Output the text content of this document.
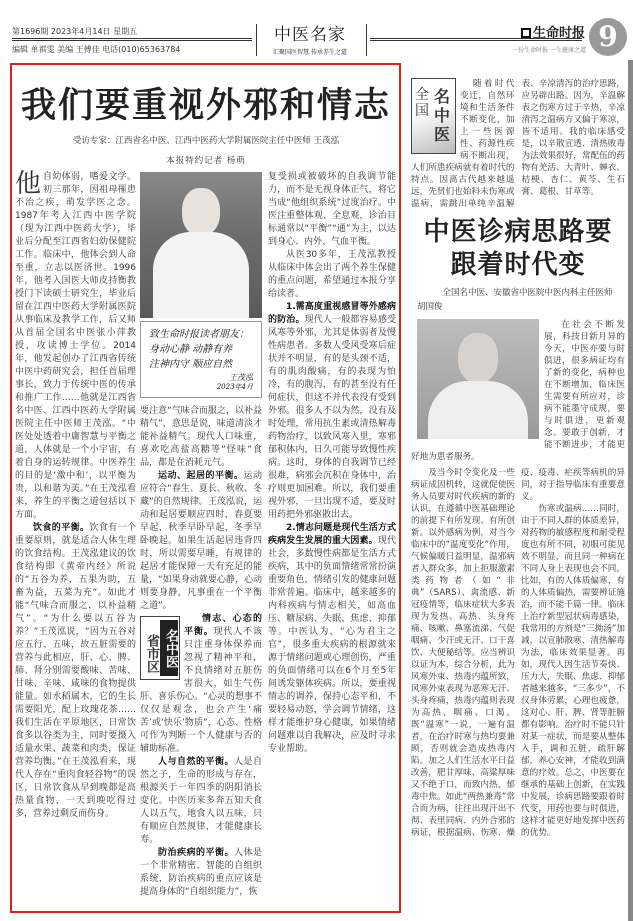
第1696期 2023年4月14日 星期五
编辑 单祺雯 美编 王傅佳 电话(010)65363784
中医名家
汇聚国医智慧 传承养生之道
生命时报
一份生命时报 一生健康之道 9
我们要重视外邪和情志
受访专家：江西省名中医、江西中医药大学附属医院主任中医师 王茂泓
本报特约记者 杨萌
他自幼体弱，嗜爱文学。初三那年，因祖母罹患不治之疾，萌发学医之念。1987年考入江西中医学院（现为江西中医药大学），毕业后分配至江西省妇幼保健院工作。临床中，他体会到人命至重，立志以医济世。1996年，他考入国医大师皮持衡教授门下读硕士研究生，毕业后留在江西中医药大学附属医院从事临床及教学工作，后又师从首届全国名中医张小萍教授，攻读博士学位。2014年，他发起创办了江西省传统中医中药研究会，担任首届理事长，致力于传统中医的传承和推广工作……他就是江西省名中医、江西中医药大学附属医院主任中医师王茂泓。“中医处处透着中庸智慧与平衡之道，人体就是一个小宇宙，有着自身的运转规律。中医养生的目的是‘激中和’，以平衡为贵，以和谐为美。”在王茂泓看来，养生的平衡之道包括以下方面。

饮食的平衡。饮食有一个重要原则，就是适合人体生理的饮食结构。王茂泓建议的饮食结构即《黄帝内经》所说的“五谷为养，五果为助，五畜为益，五菜为充”。如此才能“气味合而服之，以补益精气”。“为什么要以五谷为养？”王茂泓说，“因为五谷对应五行、五味，故五脏需要的营养与此相应，肝、心、脾、肺、肾分别需要酸味、苦味、甘味、辛味、咸味的食物提供能量。如水稻属木，它的生长需要阳光，配上玫瑰花茶……我们生活在平原地区，日常饮食多以谷类为主，同时要摄入适量水果、蔬菜和肉类，保证营养均衡。”在王茂泓看来，现代人存在“重肉食轻谷物”的误区，日常饮食从早到晚都是高热量食物，一天到晚吃得过多，营养过剩反而伤身。

致生命时报读者朋友：
身动心静 动静有养
注神内守 顺应自然
王茂泓
2023年4月
要注意“气味合而服之，以补益精气”，意思是说，味道清淡才能补益精气。现代人口味重，喜欢吃高盐高糖等“怪味”食品，都是在消耗元气。

运动、起居的平衡。运动应符合“春生、夏长、秋收、冬藏”的自然规律。王茂泓说，运动和起居要顺应四时，春夏要早起，秋季早卧早起，冬季早卧晚起。如果生活起居违背四时，所以需要早睡，有规律的起居才能保障一天有充足的能量，“如果身动就要心静，心动则要身静，凡事重在一个平衡之道”。

名中医
省市区

情志、心态的平衡。现代人不该只注重身体保养而忽视了精神平和，不良情绪对五脏伤害很大，如生气伤肝、喜乐伤心。“心灵的想事不仅仅是观念，也会产生‘痛苦’或‘快乐’物质”，心态、性格可作为判断一个人健康与否的辅助标准。

人与自然的平衡。人是自然之子，生命的形成与存在，根源关于一年四季的阴阳消长变化。中医历来多奔五知天食人以五气，地食人以五味，只有顺应自然规律，才能健康长寿。

防治疾病的平衡。人体是一个非常精密、智能的自组织系统，防治疾病的重点应该是提高身体的“自组织能力”，恢

复受损或被破坏的自我调节能力，而不是无视身体正气，将它当成“他组织系统”过度治疗。中医注重整体观、全息观，诊治目标通常以“平衡”“通”为主，以达到身心、内外、气血平衡。

从医30多年，王茂泓教授从临床中体会出了两个养生保健的重点问题，希望通过本报分享给读者。

1.需高度重视感冒等外感病的防治。现代人一般都容易感受风寒等外邪，尤其是体弱者及慢性病患者。多数人受风受寒后症状并不明显，有的是头颈不适，有的肌肉酸痛，有的表现为怕冷，有的腹泻，有的甚至没有任何症状，但这不并代表没有受到外邪。很多人不以为然，没有及时处理，常用抗生素或清热解毒药物治疗，以致风寒入里，寒邪郁积体内，日久可能导致慢性疾病。这时，身体的自我调节已经很难，病邪会沉积在身体中，治疗则更加困难。所以，我们要重视外邪，一旦出现不适，要及时用药把外邪驱散出去。

2.情志问题是现代生活方式疾病发生发展的重大因素。现代社会，多数慢性病都是生活方式疾病，其中的负面情绪常常扮演重要角色，情绪引发的健康问题非常普遍。临床中，越来越多的内科疾病与情志相关，如高血压、糖尿病、失眠、焦虑、抑郁等。中医认为，“心为君主之官”，很多重大疾病的根源就来源于情绪问题或心理创伤，严重的负面情绪可以在6个月至5年间诱发躯体疾病。所以，要重视情志的调养，保持心态平和，不要轻易动怒，学会调节情绪，这样才能维护身心健康，如果情绪问题难以自我解决，应及时寻求专业帮助。

全国
名中医
随着时代变迁，自然环境和生活条件不断变化，加上一些医源性、药源性疾病不断出现，人们所患疾病就有着时代的特点。因离古代越来越遥远，先贤们也始料未伤寒或温病，需跳出单纯辛温解表、辛凉清泻的治疗思路，应另辟出路。因为，辛温解表之伤寒方过于辛热，辛凉清泻之温病方又偏于寒凉，皆不适用。我的临床感受是，以辛散宣透、清热败毒为法效果很好，常配伍的药物有羌活、大青叶、蝉衣、桔梗、杏仁、黄芩、生石膏、葛根、甘草等。
中医诊病思路要跟着时代变
全国名中医、安徽省中医院中医内科主任医师 胡国俊

在社会不断发展，科技日新月异的今天，中医亦要与时俱进，很多病证均有了新的变化，病种也在不断增加，临床医生需要有所应对，诊病不能墨守成规，要与时俱进，更新观念。要敢于创新，才能不断进步，才能更好地为患者服务。

及当今时令变化及一些病证成因机转，这就促使医务人员要对时代疾病的新的认识，在遵循中医基础理论的前提下有所发现、有所创新。以外感病为例，对当今临床中的“温度变化”作用，气候偏暖日益明显，温邪病者人群众多，加上拒服激素类药物者（如“非典”（SARS）、禽流感、新冠疫情等，临床症状大多表现为发热、高热、头身疼痛、咳嗽、鼻塞流涕、气促咽痛、少汗或无汗、口干喜饮、大便秘结等。应当辨识以证为本，综合分析，此为风寒外束、热毒内蕴所致，风寒外束表现为恶寒无汗、头身疼痛，热毒内蕴则表现为高热、咽痛、口渴。既“温寒”一说，一遍有温者，在治疗时寒与热均要兼顾，否则就会造成热毒内陷。加之人们生活水平日益改善，肥甘厚味、高粱厚味又不绝于口，而致内热，郁毒中焦。如此“两热兼毒”常合而为病，往往出现汗出不彻、表里同病、内外合邪的病证，根据温病、伤寒、燥疫、疫毒、疟疾等病机的异同，对于指导临床有重要意义。

伤寒或温病……同时，由于不同人群的体质差异，对药物的敏感程度和耐受程度也有所不同，初服可能见效不明显，而且同一种病在不同人身上表现也会不同。比如，有的人体质偏寒，有的人体质偏热，需要辨证施治，而不能千篇一律。临床上治疗新型冠状病毒感染，我常用的方剂是“三拗汤”加减，以宣肺散寒、清热解毒为法，临床效果显著。再如，现代人因生活节奏快、压力大，失眠、焦虑、抑郁者越来越多，“三多少”，不仅身体劳累，心理也疲惫，这对心、肝、脾、肾等脏腑都有影响。治疗时不能只针对某一症状，而是要从整体入手，调和五脏，疏肝解郁，养心安神，才能收到满意的疗效。总之，中医要在继承的基础上创新，在实践中发展，诊病思路要跟着时代变，用药也要与时俱进，这样才能更好地发挥中医药的优势。
